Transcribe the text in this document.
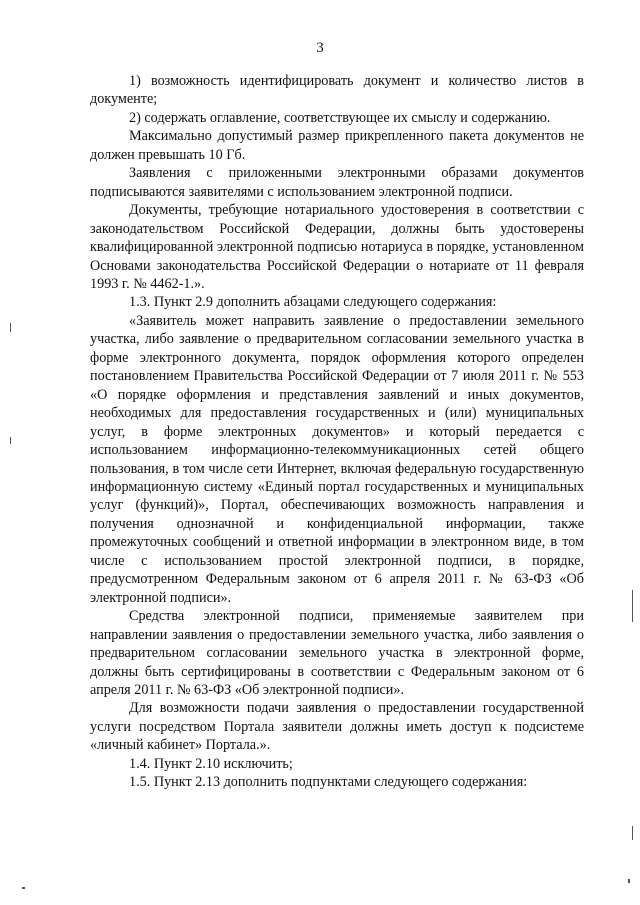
3

1) возможность идентифицировать документ и количество листов в документе;

2) содержать оглавление, соответствующее их смыслу и содержанию.

Максимально допустимый размер прикрепленного пакета документов не должен превышать 10 Гб.

Заявления с приложенными электронными образами документов подписываются заявителями с использованием электронной подписи.

Документы, требующие нотариального удостоверения в соответствии с законодательством Российской Федерации, должны быть удостоверены квалифицированной электронной подписью нотариуса в порядке, установленном Основами законодательства Российской Федерации о нотариате от 11 февраля 1993 г. № 4462-1.».

1.3. Пункт 2.9 дополнить абзацами следующего содержания:

«Заявитель может направить заявление о предоставлении земельного участка, либо заявление о предварительном согласовании земельного участка в форме электронного документа, порядок оформления которого определен постановлением Правительства Российской Федерации от 7 июля 2011 г. № 553 «О порядке оформления и представления заявлений и иных документов, необходимых для предоставления государственных и (или) муниципальных услуг, в форме электронных документов» и который передается с использованием информационно-телекоммуникационных сетей общего пользования, в том числе сети Интернет, включая федеральную государственную информационную систему «Единый портал государственных и муниципальных услуг (функций)», Портал, обеспечивающих возможность направления и получения однозначной и конфиденциальной информации, также промежуточных сообщений и ответной информации в электронном виде, в том числе с использованием простой электронной подписи, в порядке, предусмотренном Федеральным законом от 6 апреля 2011 г. № 63-ФЗ «Об электронной подписи».

Средства электронной подписи, применяемые заявителем при направлении заявления о предоставлении земельного участка, либо заявления о предварительном согласовании земельного участка в электронной форме, должны быть сертифицированы в соответствии с Федеральным законом от 6 апреля 2011 г. № 63-ФЗ «Об электронной подписи».

Для возможности подачи заявления о предоставлении государственной услуги посредством Портала заявители должны иметь доступ к подсистеме «личный кабинет» Портала.».

1.4. Пункт 2.10 исключить;

1.5. Пункт 2.13 дополнить подпунктами следующего содержания:
